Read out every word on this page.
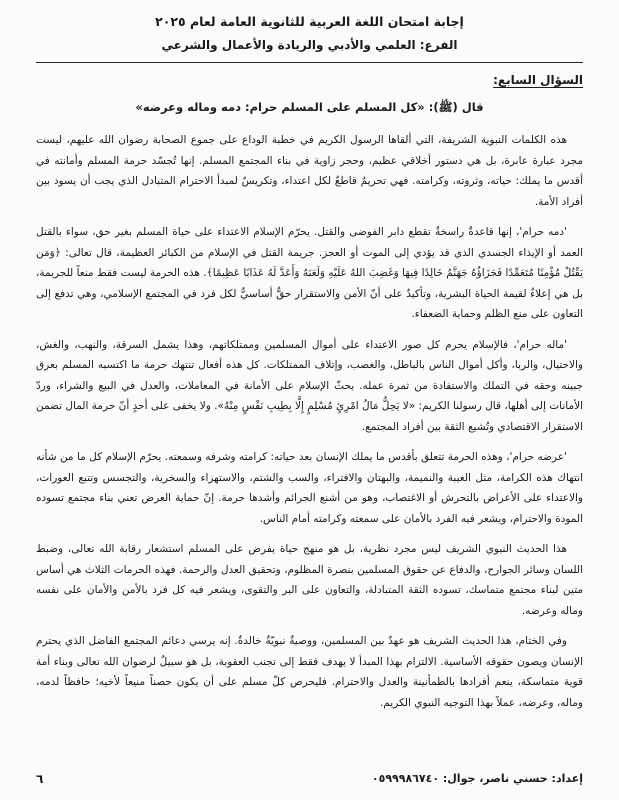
إجابة امتحان اللغة العربية للثانوية العامة لعام ٢٠٢٥
الفرع: العلمي والأدبي والريادة والأعمال والشرعي
السؤال السابع:
قال (ﷺ): «كل المسلم على المسلم حرام: دمه وماله وعرضه»

هذه الكلمات النبوية الشريفة، التي ألقاها الرسول الكريم في خطبة الوداع على جموع الصحابة رضوان الله عليهم، ليست مجرد عبارة عابرة، بل هي دستور أخلاقي عظيم، وحجر زاوية في بناء المجتمع المسلم. إنها تُجسّد حرمة المسلم وأمانته في أقدس ما يملك: حياته، وثروته، وكرامته. فهي تحريمٌ قاطعٌ لكل اعتداء، وتكريسٌ لمبدأ الاحترام المتبادل الذي يجب أن يسود بين أفراد الأمة.

'دمه حرام'، إنها قاعدةٌ راسخةٌ تقطع دابر الفوضى والقتل. يحرّم الإسلام الاعتداء على حياة المسلم بغير حق، سواء بالقتل العمد أو الإيذاء الجسدي الذي قد يؤدي إلى الموت أو العجز. جريمة القتل في الإسلام من الكبائر العظيمة، قال تعالى: ﴿وَمَن يَقْتُلْ مُؤْمِنًا مُتَعَمِّدًا فَجَزَاؤُهُ جَهَنَّمُ خَالِدًا فِيهَا وَغَضِبَ اللهُ عَلَيْهِ وَلَعَنَهُ وَأَعَدَّ لَهُ عَذَابًا عَظِيمًا﴾. هذه الحرمة ليست فقط منعاً للجريمة، بل هي إعلاءٌ لقيمة الحياة البشرية، وتأكيدٌ على أنّ الأمن والاستقرار حقٌّ أساسيٌّ لكل فرد في المجتمع الإسلامي، وهي تدفع إلى التعاون على منع الظلم وحماية الضعفاء.

'ماله حرام'، فالإسلام يحرم كل صور الاعتداء على أموال المسلمين وممتلكاتهم، وهذا يشمل السرقة، والنهب، والغش، والاحتيال، والربا، وأكل أموال الناس بالباطل، والغصب، وإتلاف الممتلكات. كل هذه أفعال تنتهك حرمة ما اكتسبه المسلم بعرق جبينه وحقه في التملك والاستفادة من ثمرة عمله. يحثّ الإسلام على الأمانة في المعاملات، والعدل في البيع والشراء، وردّ الأمانات إلى أهلها، قال رسولنا الكريم: «لا يَحِلُّ مَالُ امْرِئٍ مُسْلِمٍ إِلَّا بِطِيبِ نَفْسٍ مِنْهُ». ولا يخفى على أحدٍ أنّ حرمة المال تضمن الاستقرار الاقتصادي وتُشيع الثقة بين أفراد المجتمع.

'عرضه حرام'، وهذه الحرمة تتعلق بأقدس ما يملك الإنسان بعد حياته: كرامته وشرفه وسمعته. يحرّم الإسلام كل ما من شأنه انتهاك هذه الكرامة، مثل الغيبة والنميمة، والبهتان والافتراء، والسب والشتم، والاستهزاء والسخرية، والتجسس وتتبع العورات، والاعتداء على الأعراض بالتحرش أو الاغتصاب، وهو من أشنع الجرائم وأشدها حرمة. إنّ حماية العرض تعني بناء مجتمع تسوده المودة والاحترام، ويشعر فيه الفرد بالأمان على سمعته وكرامته أمام الناس.

هذا الحديث النبوي الشريف ليس مجرد نظرية، بل هو منهج حياة يفرض على المسلم استشعار رقابة الله تعالى، وضبط اللسان وسائر الجوارح، والدفاع عن حقوق المسلمين بنصرة المظلوم، وتحقيق العدل والرحمة. فهذه الحرمات الثلاث هي أساس متين لبناء مجتمع متماسك، تسوده الثقة المتبادلة، والتعاون على البر والتقوى، ويشعر فيه كل فرد بالأمن والأمان على نفسه وماله وعرضه.

وفي الختام، هذا الحديث الشريف هو عهدٌ بين المسلمين، ووصيةٌ نبويّةٌ خالدةٌ. إنه يرسي دعائم المجتمع الفاضل الذي يحترم الإنسان ويصون حقوقه الأساسية. الالتزام بهذا المبدأ لا يهدف فقط إلى تجنب العقوبة، بل هو سبيلٌ لرضوان الله تعالى وبناء أمة قوية متماسكة، ينعم أفرادها بالطمأنينة والعدل والاحترام. فليحرص كلّ مسلم على أن يكون حصناً منيعاً لأخيه؛ حافظاً لدمه، وماله، وعرضه، عملاً بهذا التوجيه النبوي الكريم.

إعداد: حسني ناصر، جوال: ٠٥٩٩٩٨٦٧٤٠
٦
